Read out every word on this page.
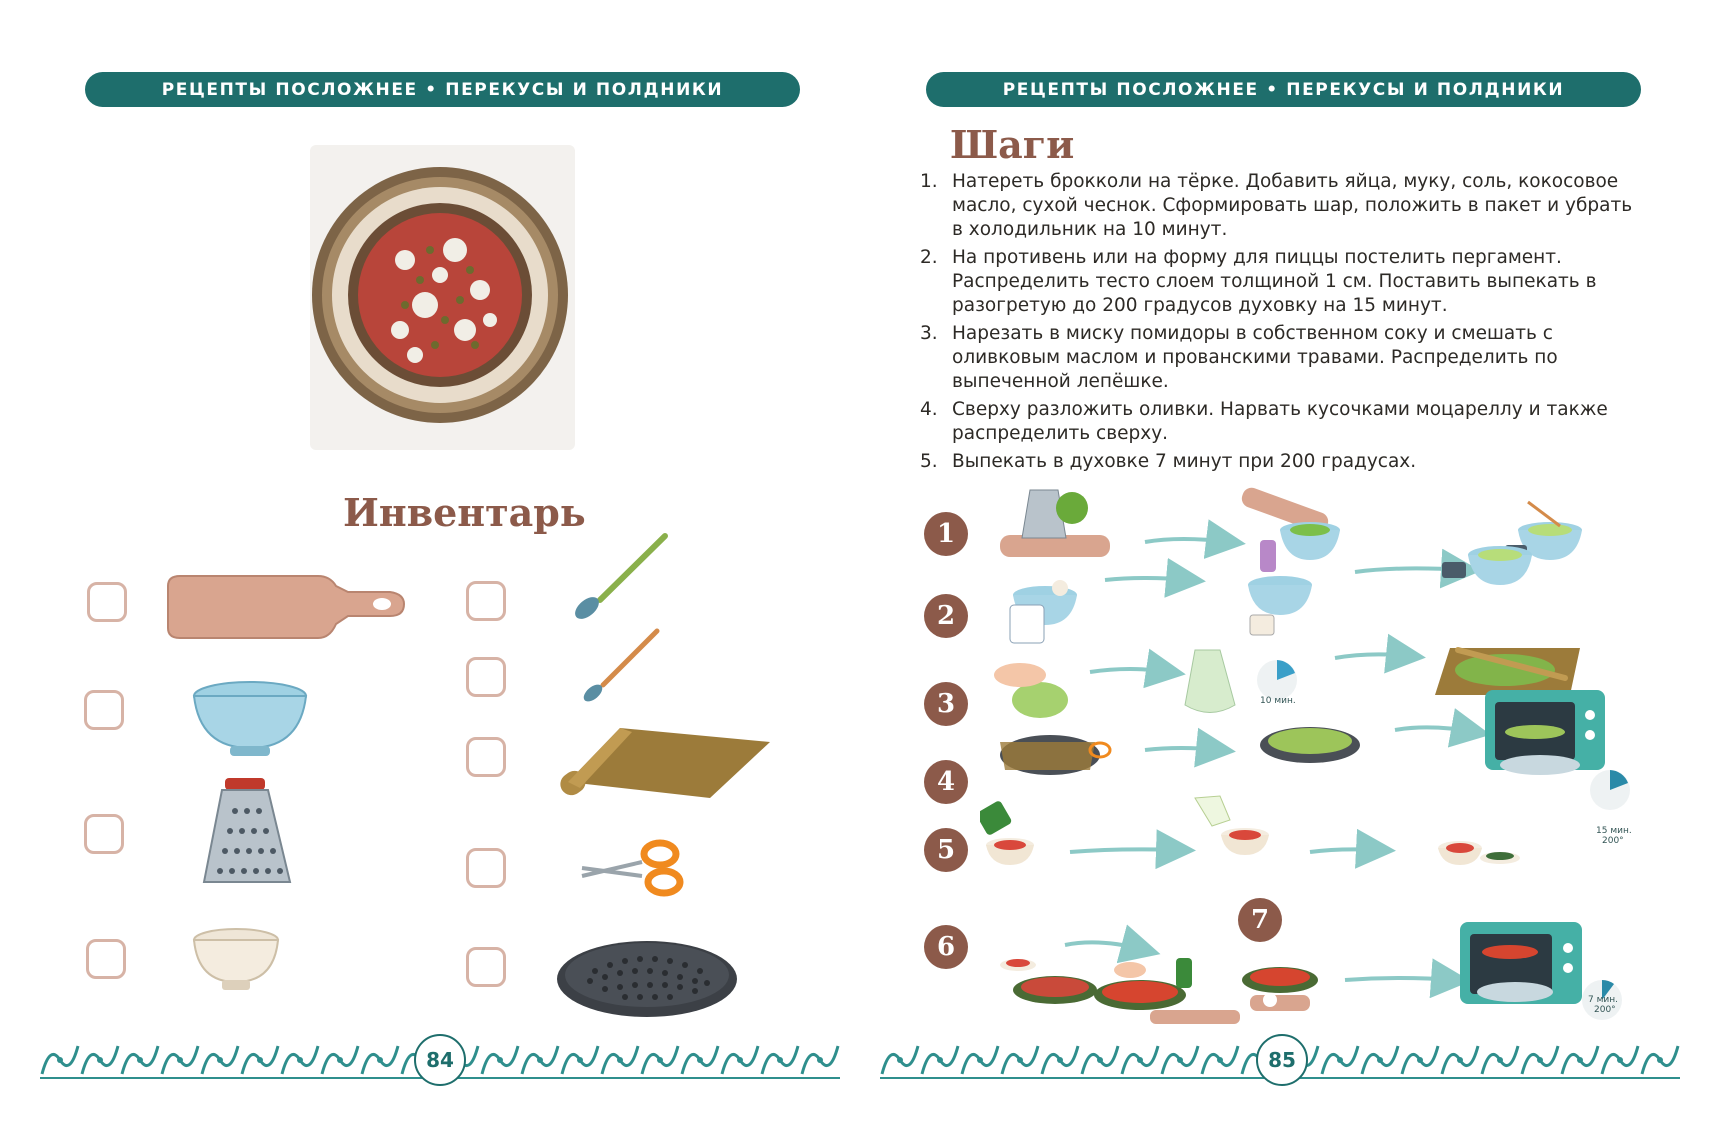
РЕЦЕПТЫ ПОСЛОЖНЕЕ • ПЕРЕКУСЫ И ПОЛДНИКИ	РЕЦЕПТЫ ПОСЛОЖНЕЕ • ПЕРЕКУСЫ И ПОЛДНИКИ
Инвентарь
Шаги
1. Натереть брокколи на тёрке. Добавить яйца, муку, соль, кокосовое масло, сухой чеснок. Сформировать шар, положить в пакет и убрать в холодильник на 10 минут.
2. На противень или на форму для пиццы постелить пергамент. Распределить тесто слоем толщиной 1 см. Поставить выпекать в разогретую до 200 градусов духовку на 15 минут.
3. Нарезать в миску помидоры в собственном соку и смешать с оливковым маслом и прованскими травами. Распределить по выпеченной лепёшке.
4. Сверху разложить оливки. Нарвать кусочками моцареллу и также распределить сверху.
5. Выпекать в духовке 7 минут при 200 градусах.
1
2
3
4
5
6
7
10 мин.
15 мин.
200°
7 мин.
200°
84	85
